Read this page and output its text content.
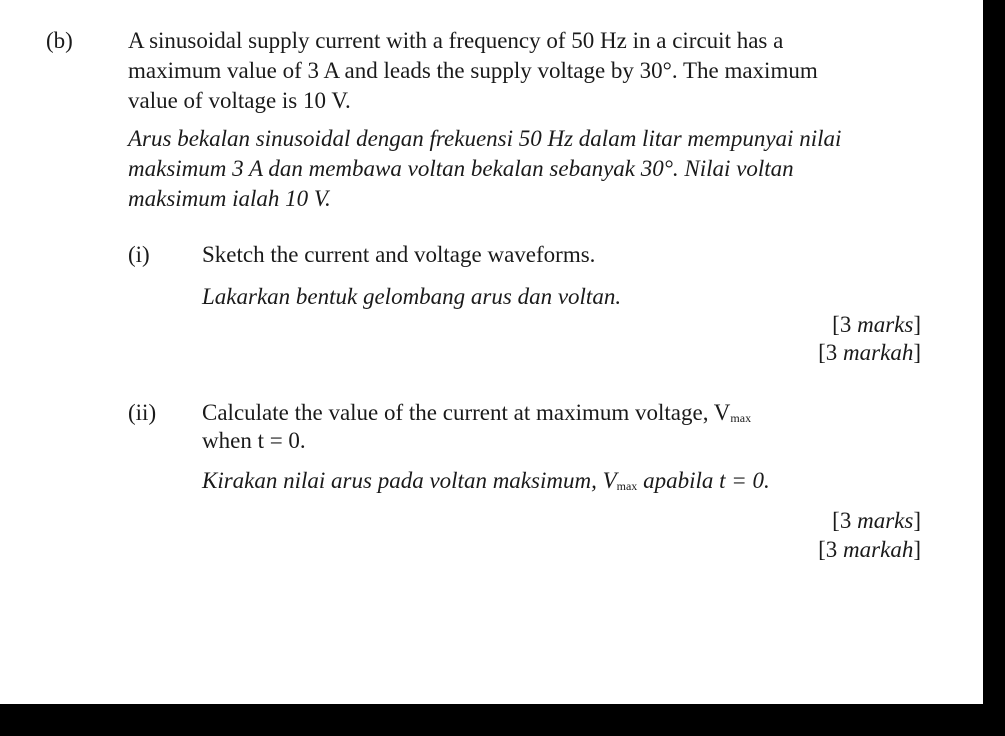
(b) A sinusoidal supply current with a frequency of 50 Hz in a circuit has a
maximum value of 3 A and leads the supply voltage by 30°. The maximum
value of voltage is 10 V.
Arus bekalan sinusoidal dengan frekuensi 50 Hz dalam litar mempunyai nilai
maksimum 3 A dan membawa voltan bekalan sebanyak 30°. Nilai voltan
maksimum ialah 10 V.
(i) Sketch the current and voltage waveforms.
Lakarkan bentuk gelombang arus dan voltan.
[3 marks]
[3 markah]
(ii) Calculate the value of the current at maximum voltage, $V_{max}$
when t = 0.
Kirakan nilai arus pada voltan maksimum, $V_{max}$ apabila t = 0.
[3 marks]
[3 markah]
